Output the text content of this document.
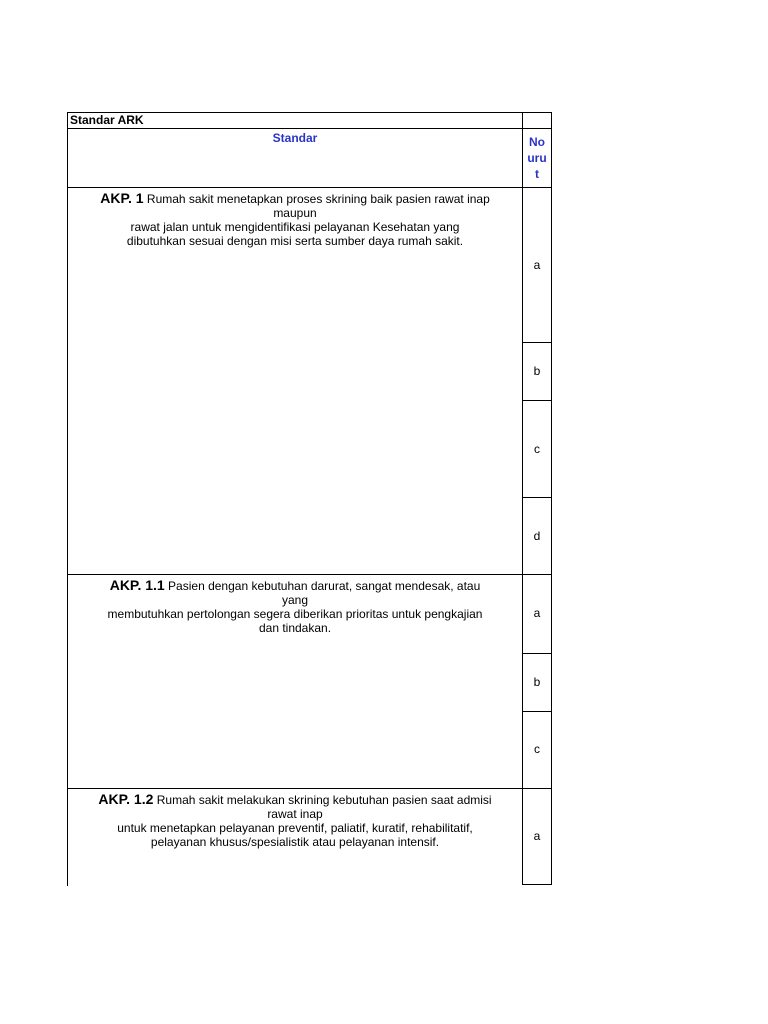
Standar ARK
Standar	No urut
AKP. 1 Rumah sakit menetapkan proses skrining baik pasien rawat inap
maupun
rawat jalan untuk mengidentifikasi pelayanan Kesehatan yang
dibutuhkan sesuai dengan misi serta sumber daya rumah sakit.
a
b
c
d
AKP. 1.1 Pasien dengan kebutuhan darurat, sangat mendesak, atau
yang
membutuhkan pertolongan segera diberikan prioritas untuk pengkajian
dan tindakan.
a
b
c
AKP. 1.2 Rumah sakit melakukan skrining kebutuhan pasien saat admisi
rawat inap
untuk menetapkan pelayanan preventif, paliatif, kuratif, rehabilitatif,
pelayanan khusus/spesialistik atau pelayanan intensif.	a
